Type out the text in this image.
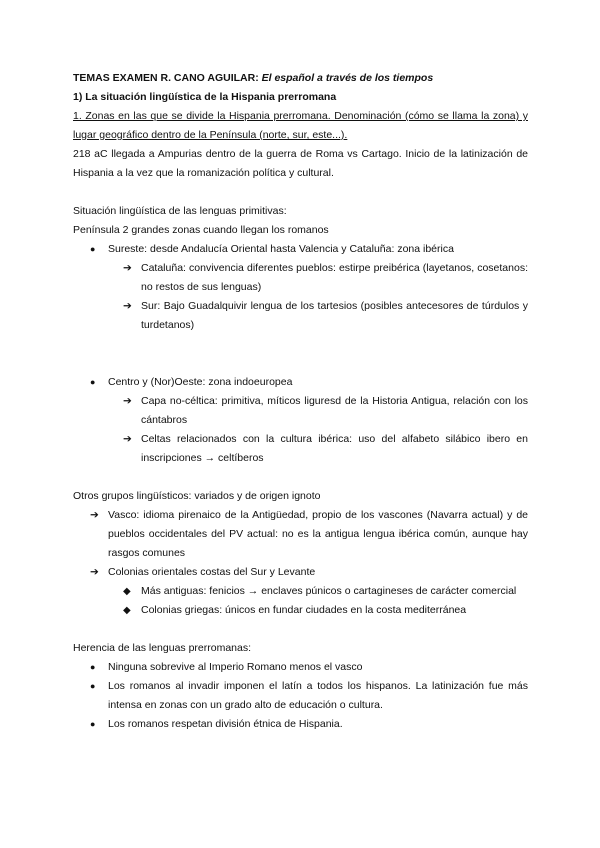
TEMAS EXAMEN R. CANO AGUILAR: El español a través de los tiempos

1) La situación lingüística de la Hispania prerromana

1. Zonas en las que se divide la Hispania prerromana. Denominación (cómo se llama la zona) y lugar geográfico dentro de la Península (norte, sur, este...).

218 aC llegada a Ampurias dentro de la guerra de Roma vs Cartago. Inicio de la latinización de Hispania a la vez que la romanización política y cultural.

Situación lingüística de las lenguas primitivas:

Península 2 grandes zonas cuando llegan los romanos

● Sureste: desde Andalucía Oriental hasta Valencia y Cataluña: zona ibérica
➔ Cataluña: convivencia diferentes pueblos: estirpe preibérica (layetanos, cosetanos: no restos de sus lenguas)
➔ Sur: Bajo Guadalquivir lengua de los tartesios (posibles antecesores de túrdulos y turdetanos)
● Centro y (Nor)Oeste: zona indoeuropea
➔ Capa no-céltica: primitiva, míticos liguresd de la Historia Antigua, relación con los cántabros
➔ Celtas relacionados con la cultura ibérica: uso del alfabeto silábico ibero en inscripciones → celtíberos

Otros grupos lingüísticos: variados y de origen ignoto

➔ Vasco: idioma pirenaico de la Antigüedad, propio de los vascones (Navarra actual) y de pueblos occidentales del PV actual: no es la antigua lengua ibérica común, aunque hay rasgos comunes
➔ Colonias orientales costas del Sur y Levante
◆ Más antiguas: fenicios → enclaves púnicos o cartagineses de carácter comercial
◆ Colonias griegas: únicos en fundar ciudades en la costa mediterránea

Herencia de las lenguas prerromanas:

● Ninguna sobrevive al Imperio Romano menos el vasco
● Los romanos al invadir imponen el latín a todos los hispanos. La latinización fue más intensa en zonas con un grado alto de educación o cultura.
● Los romanos respetan división étnica de Hispania.
